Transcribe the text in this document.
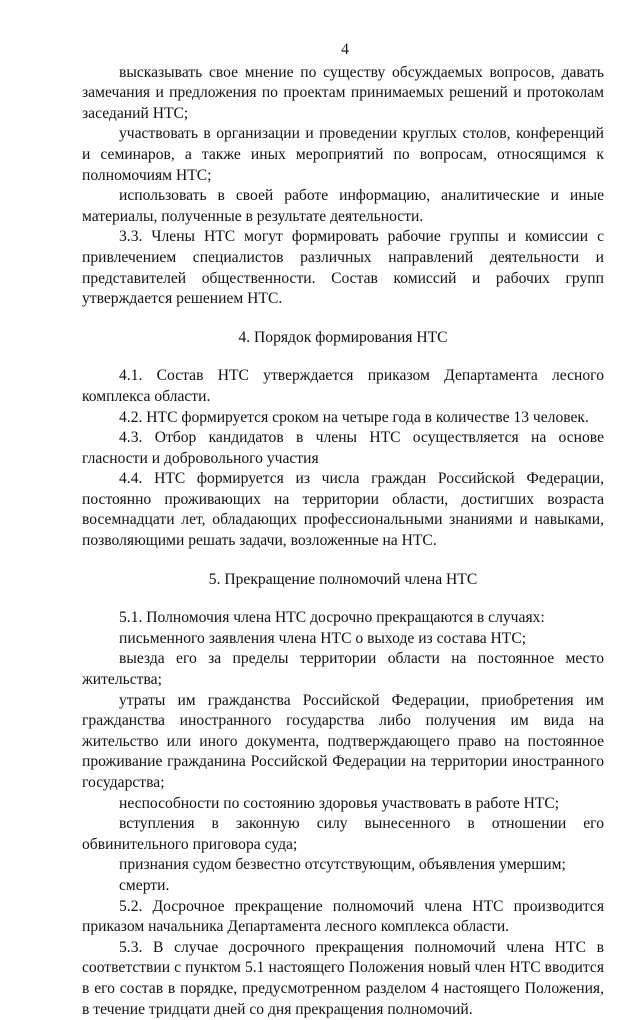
4

высказывать свое мнение по существу обсуждаемых вопросов, давать замечания и предложения по проектам принимаемых решений и протоколам заседаний НТС;

участвовать в организации и проведении круглых столов, конференций и семинаров, а также иных мероприятий по вопросам, относящимся к полномочиям НТС;

использовать в своей работе информацию, аналитические и иные материалы, полученные в результате деятельности.

3.3. Члены НТС могут формировать рабочие группы и комиссии с привлечением специалистов различных направлений деятельности и представителей общественности. Состав комиссий и рабочих групп утверждается решением НТС.

4. Порядок формирования НТС

4.1. Состав НТС утверждается приказом Департамента лесного комплекса области.

4.2. НТС формируется сроком на четыре года в количестве 13 человек.

4.3. Отбор кандидатов в члены НТС осуществляется на основе гласности и добровольного участия

4.4. НТС формируется из числа граждан Российской Федерации, постоянно проживающих на территории области, достигших возраста восемнадцати лет, обладающих профессиональными знаниями и навыками, позволяющими решать задачи, возложенные на НТС.

5. Прекращение полномочий члена НТС

5.1. Полномочия члена НТС досрочно прекращаются в случаях:

письменного заявления члена НТС о выходе из состава НТС;

выезда его за пределы территории области на постоянное место жительства;

утраты им гражданства Российской Федерации, приобретения им гражданства иностранного государства либо получения им вида на жительство или иного документа, подтверждающего право на постоянное проживание гражданина Российской Федерации на территории иностранного государства;

неспособности по состоянию здоровья участвовать в работе НТС;

вступления в законную силу вынесенного в отношении его обвинительного приговора суда;

признания судом безвестно отсутствующим, объявления умершим;

смерти.

5.2. Досрочное прекращение полномочий члена НТС производится приказом начальника Департамента лесного комплекса области.

5.3. В случае досрочного прекращения полномочий члена НТС в соответствии с пунктом 5.1 настоящего Положения новый член НТС вводится в его состав в порядке, предусмотренном разделом 4 настоящего Положения, в течение тридцати дней со дня прекращения полномочий.
